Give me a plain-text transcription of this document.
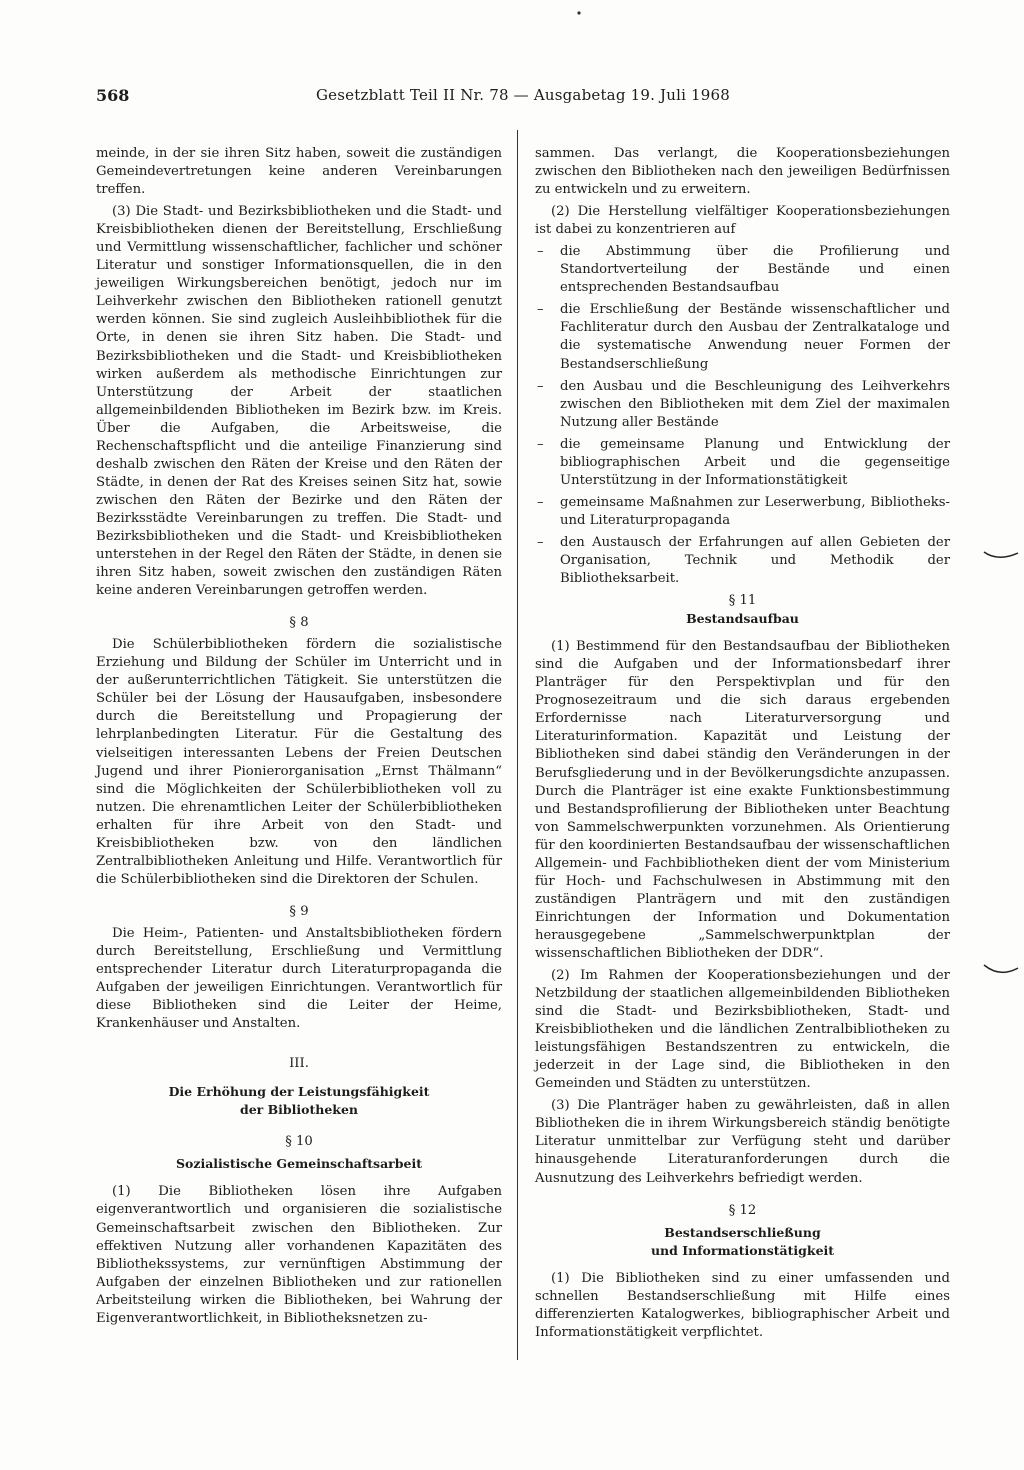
568	Gesetzblatt Teil II Nr. 78 — Ausgabetag 19. Juli 1968

meinde, in der sie ihren Sitz haben, soweit die zuständigen Gemeindevertretungen keine anderen Vereinbarungen treffen.

(3) Die Stadt- und Bezirksbibliotheken und die Stadt- und Kreisbibliotheken dienen der Bereitstellung, Erschließung und Vermittlung wissenschaftlicher, fachlicher und schöner Literatur und sonstiger Informationsquellen, die in den jeweiligen Wirkungsbereichen benötigt, jedoch nur im Leihverkehr zwischen den Bibliotheken rationell genutzt werden können. Sie sind zugleich Ausleihbibliothek für die Orte, in denen sie ihren Sitz haben. Die Stadt- und Bezirksbibliotheken und die Stadt- und Kreisbibliotheken wirken außerdem als methodische Einrichtungen zur Unterstützung der Arbeit der staatlichen allgemeinbildenden Bibliotheken im Bezirk bzw. im Kreis. Über die Aufgaben, die Arbeitsweise, die Rechenschaftspflicht und die anteilige Finanzierung sind deshalb zwischen den Räten der Kreise und den Räten der Städte, in denen der Rat des Kreises seinen Sitz hat, sowie zwischen den Räten der Bezirke und den Räten der Bezirksstädte Vereinbarungen zu treffen. Die Stadt- und Bezirksbibliotheken und die Stadt- und Kreisbibliotheken unterstehen in der Regel den Räten der Städte, in denen sie ihren Sitz haben, soweit zwischen den zuständigen Räten keine anderen Vereinbarungen getroffen werden.

§ 8

Die Schülerbibliotheken fördern die sozialistische Erziehung und Bildung der Schüler im Unterricht und in der außerunterrichtlichen Tätigkeit. Sie unterstützen die Schüler bei der Lösung der Hausaufgaben, insbesondere durch die Bereitstellung und Propagierung der lehrplanbedingten Literatur. Für die Gestaltung des vielseitigen interessanten Lebens der Freien Deutschen Jugend und ihrer Pionierorganisation „Ernst Thälmann“ sind die Möglichkeiten der Schülerbibliotheken voll zu nutzen. Die ehrenamtlichen Leiter der Schülerbibliotheken erhalten für ihre Arbeit von den Stadt- und Kreisbibliotheken bzw. von den ländlichen Zentralbibliotheken Anleitung und Hilfe. Verantwortlich für die Schülerbibliotheken sind die Direktoren der Schulen.

§ 9

Die Heim-, Patienten- und Anstaltsbibliotheken fördern durch Bereitstellung, Erschließung und Vermittlung entsprechender Literatur durch Literaturpropaganda die Aufgaben der jeweiligen Einrichtungen. Verantwortlich für diese Bibliotheken sind die Leiter der Heime, Krankenhäuser und Anstalten.

III.

Die Erhöhung der Leistungsfähigkeit

der Bibliotheken

§ 10

Sozialistische Gemeinschaftsarbeit

(1) Die Bibliotheken lösen ihre Aufgaben eigenverantwortlich und organisieren die sozialistische Gemeinschaftsarbeit zwischen den Bibliotheken. Zur effektiven Nutzung aller vorhandenen Kapazitäten des Bibliothekssystems, zur vernünftigen Abstimmung der Aufgaben der einzelnen Bibliotheken und zur rationellen Arbeitsteilung wirken die Bibliotheken, bei Wahrung der Eigenverantwortlichkeit, in Bibliotheksnetzen zu-

sammen. Das verlangt, die Kooperationsbeziehungen zwischen den Bibliotheken nach den jeweiligen Bedürfnissen zu entwickeln und zu erweitern.

(2) Die Herstellung vielfältiger Kooperationsbeziehungen ist dabei zu konzentrieren auf

– die Abstimmung über die Profilierung und Standortverteilung der Bestände und einen entsprechenden Bestandsaufbau
– die Erschließung der Bestände wissenschaftlicher und Fachliteratur durch den Ausbau der Zentralkataloge und die systematische Anwendung neuer Formen der Bestandserschließung
– den Ausbau und die Beschleunigung des Leihverkehrs zwischen den Bibliotheken mit dem Ziel der maximalen Nutzung aller Bestände
– die gemeinsame Planung und Entwicklung der bibliographischen Arbeit und die gegenseitige Unterstützung in der Informationstätigkeit
– gemeinsame Maßnahmen zur Leserwerbung, Bibliotheks- und Literaturpropaganda
– den Austausch der Erfahrungen auf allen Gebieten der Organisation, Technik und Methodik der Bibliotheksarbeit.

§ 11

Bestandsaufbau

(1) Bestimmend für den Bestandsaufbau der Bibliotheken sind die Aufgaben und der Informationsbedarf ihrer Planträger für den Perspektivplan und für den Prognosezeitraum und die sich daraus ergebenden Erfordernisse nach Literaturversorgung und Literaturinformation. Kapazität und Leistung der Bibliotheken sind dabei ständig den Veränderungen in der Berufsgliederung und in der Bevölkerungsdichte anzupassen. Durch die Planträger ist eine exakte Funktionsbestimmung und Bestandsprofilierung der Bibliotheken unter Beachtung von Sammelschwerpunkten vorzunehmen. Als Orientierung für den koordinierten Bestandsaufbau der wissenschaftlichen Allgemein- und Fachbibliotheken dient der vom Ministerium für Hoch- und Fachschulwesen in Abstimmung mit den zuständigen Planträgern und mit den zuständigen Einrichtungen der Information und Dokumentation herausgegebene „Sammelschwerpunktplan der wissenschaftlichen Bibliotheken der DDR“.

(2) Im Rahmen der Kooperationsbeziehungen und der Netzbildung der staatlichen allgemeinbildenden Bibliotheken sind die Stadt- und Bezirksbibliotheken, Stadt- und Kreisbibliotheken und die ländlichen Zentralbibliotheken zu leistungsfähigen Bestandszentren zu entwickeln, die jederzeit in der Lage sind, die Bibliotheken in den Gemeinden und Städten zu unterstützen.

(3) Die Planträger haben zu gewährleisten, daß in allen Bibliotheken die in ihrem Wirkungsbereich ständig benötigte Literatur unmittelbar zur Verfügung steht und darüber hinausgehende Literaturanforderungen durch die Ausnutzung des Leihverkehrs befriedigt werden.

§ 12

Bestandserschließung

und Informationstätigkeit

(1) Die Bibliotheken sind zu einer umfassenden und schnellen Bestandserschließung mit Hilfe eines differenzierten Katalogwerkes, bibliographischer Arbeit und Informationstätigkeit verpflichtet.
